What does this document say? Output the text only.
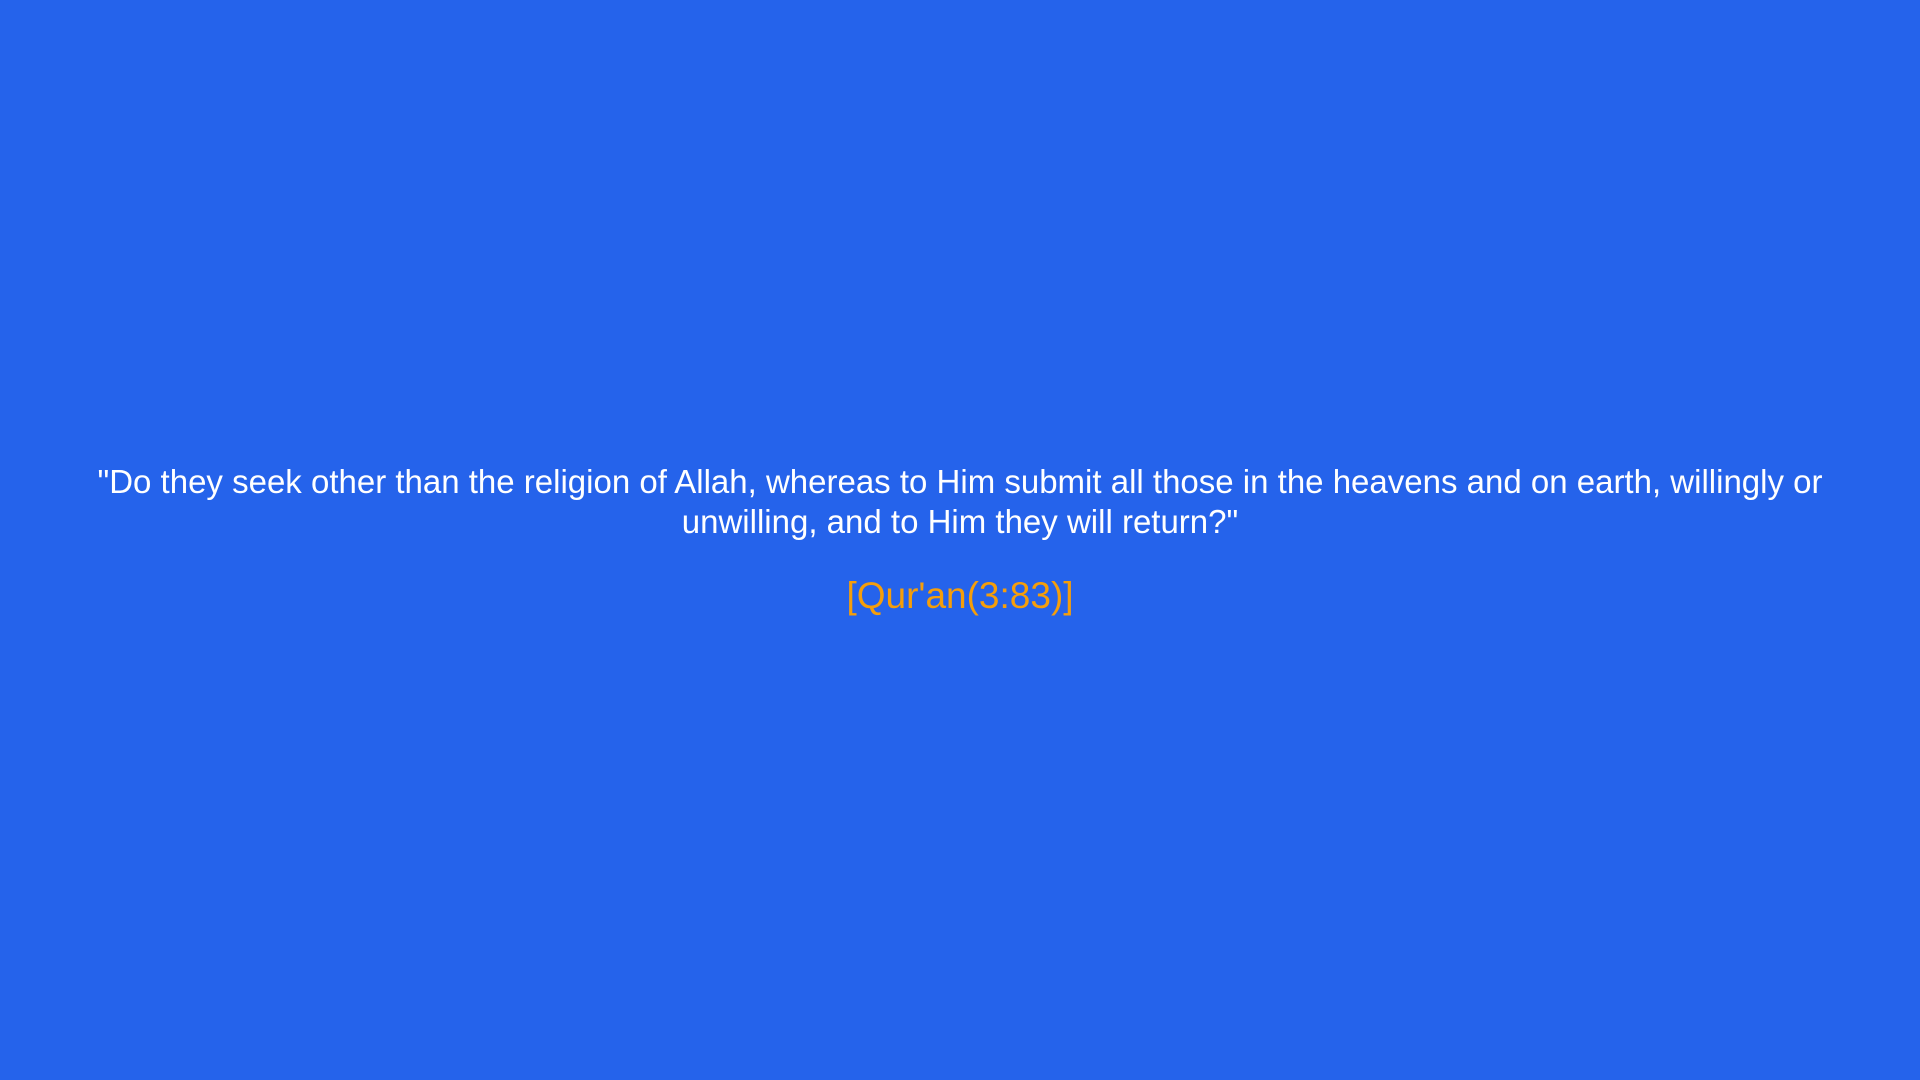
"Do they seek other than the religion of Allah, whereas to Him submit all those in the heavens and on earth, willingly or unwilling, and to Him they will return?"

[Qur'an(3:83)]
